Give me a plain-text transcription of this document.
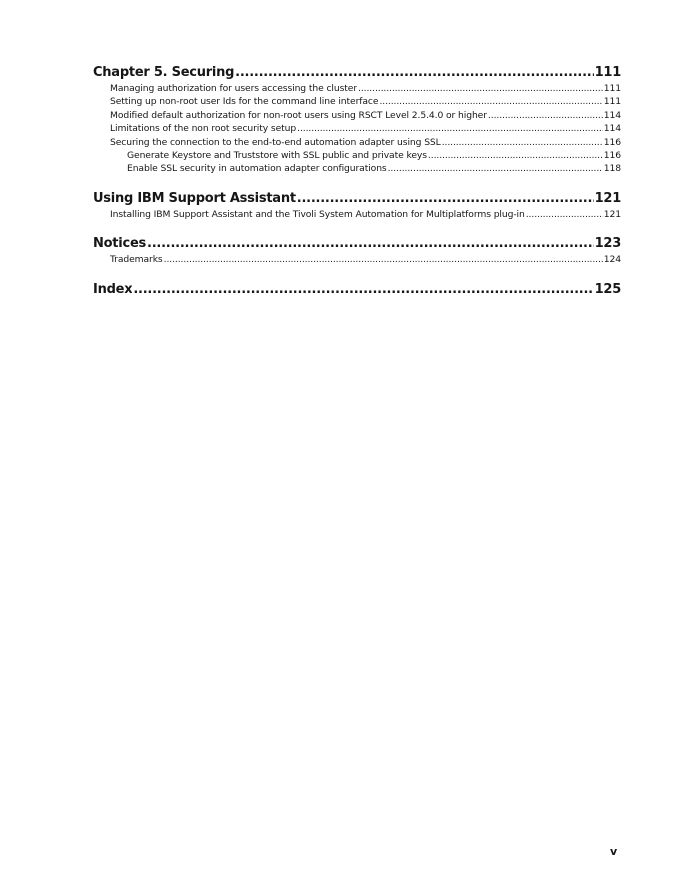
Chapter 5. Securing .....	111
Managing authorization for users accessing the cluster .....	111
Setting up non-root user Ids for the command line interface .....	111
Modified default authorization for non-root users using RSCT Level 2.5.4.0 or higher .....	114
Limitations of the non root security setup .....	114
Securing the connection to the end-to-end automation adapter using SSL .....	116
Generate Keystore and Truststore with SSL public and private keys .....	116
Enable SSL security in automation adapter configurations .....	118
Using IBM Support Assistant .....	121
Installing IBM Support Assistant and the Tivoli System Automation for Multiplatforms plug-in .....	121
Notices .....	123
Trademarks .....	124
Index .....	125
v
